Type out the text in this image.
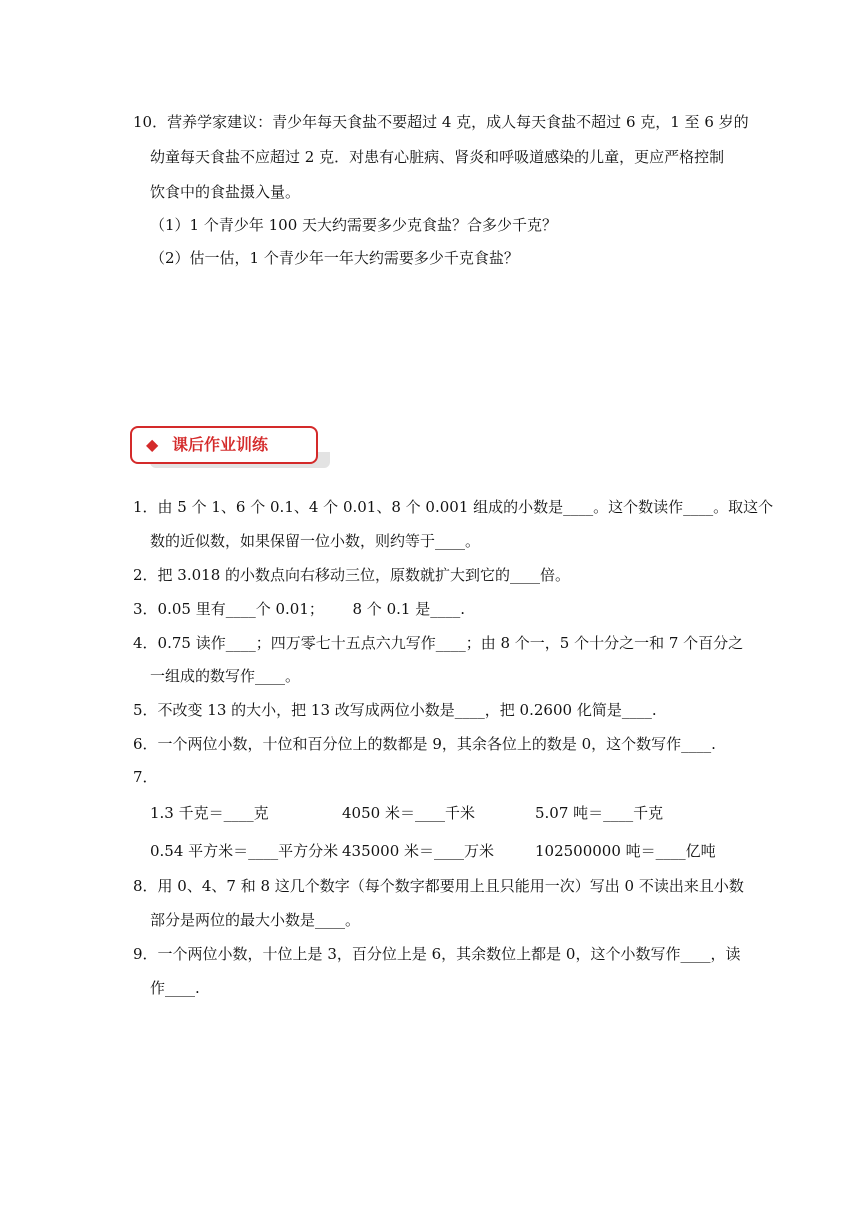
10．营养学家建议：青少年每天食盐不要超过 4 克，成人每天食盐不超过 6 克，1 至 6 岁的
幼童每天食盐不应超过 2 克．对患有心脏病、肾炎和呼吸道感染的儿童，更应严格控制
饮食中的食盐摄入量。
（1）1 个青少年 100 天大约需要多少克食盐？合多少千克？
（2）估一估，1 个青少年一年大约需要多少千克食盐？
◆ 课后作业训练
1．由 5 个 1、6 个 0.1、4 个 0.01、8 个 0.001 组成的小数是____。这个数读作____。取这个
数的近似数，如果保留一位小数，则约等于____。
2．把 3.018 的小数点向右移动三位，原数就扩大到它的____倍。
3．0.05 里有____个 0.01；      8 个 0.1 是____.
4．0.75 读作____；四万零七十五点六九写作____；由 8 个一，5 个十分之一和 7 个百分之
一组成的数写作____。
5．不改变 13 的大小，把 13 改写成两位小数是____，把 0.2600 化简是____.
6．一个两位小数，十位和百分位上的数都是 9，其余各位上的数是 0，这个数写作____.
7．
1.3 千克＝____克	4050 米＝____千米	5.07 吨＝____千克
0.54 平方米＝____平方分米 435000 米＝____万米	102500000 吨＝____亿吨
8．用 0、4、7 和 8 这几个数字（每个数字都要用上且只能用一次）写出 0 不读出来且小数
部分是两位的最大小数是____。
9．一个两位小数，十位上是 3，百分位上是 6，其余数位上都是 0，这个小数写作____，读
作____.
